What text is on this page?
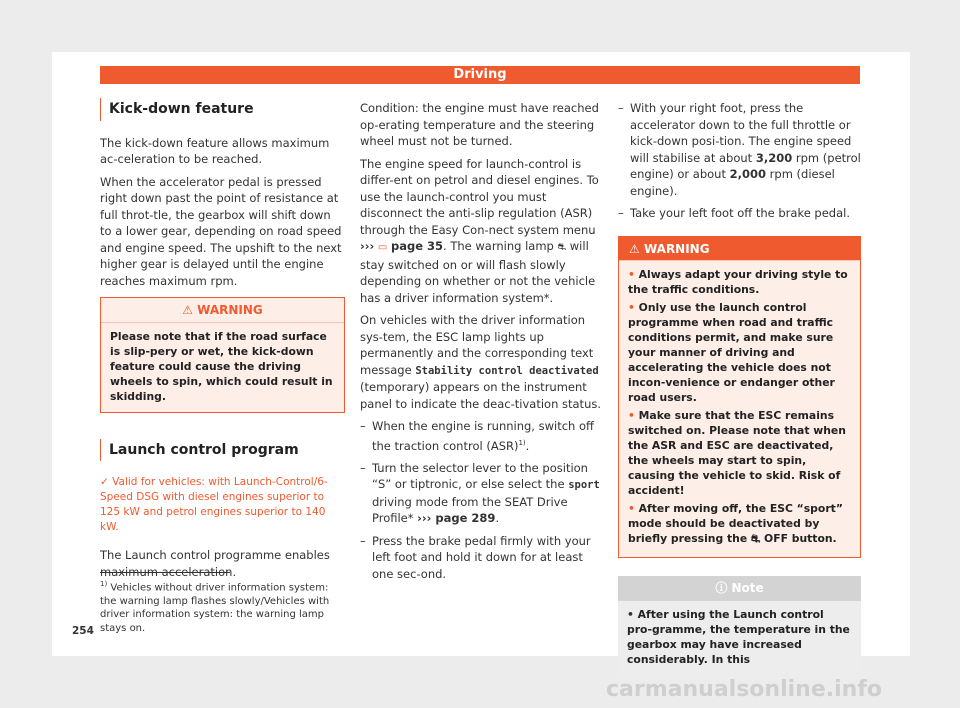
Driving
Kick-down feature

The kick-down feature allows maximum ac-celeration to be reached.

When the accelerator pedal is pressed right down past the point of resistance at full throt-tle, the gearbox will shift down to a lower gear, depending on road speed and engine speed. The upshift to the next higher gear is delayed until the engine reaches maximum rpm.

⚠ WARNING
Please note that if the road surface is slip-pery or wet, the kick-down feature could cause the driving wheels to spin, which could result in skidding.
Launch control program
✓ Valid for vehicles: with Launch-Control/6-Speed DSG with diesel engines superior to 125 kW and petrol engines superior to 140 kW.

The Launch control programme enables maximum acceleration.

Condition: the engine must have reached op-erating temperature and the steering wheel must not be turned.

The engine speed for launch-control is differ-ent on petrol and diesel engines. To use the launch-control you must disconnect the anti-slip regulation (ASR) through the Easy Con-nect system menu ››› ▭ page 35. The warning lamp ⛐ will stay switched on or will flash slowly depending on whether or not the vehicle has a driver information system*.

On vehicles with the driver information sys-tem, the ESC lamp lights up permanently and the corresponding text message Stability control deactivated (temporary) appears on the instrument panel to indicate the deac-tivation status.

– When the engine is running, switch off the traction control (ASR)$^{1)}$.
– Turn the selector lever to the position “S” or tiptronic, or else select the sport driving mode from the SEAT Drive Profile* ››› page 289.
– Press the brake pedal firmly with your left foot and hold it down for at least one sec-ond.
– With your right foot, press the accelerator down to the full throttle or kick-down posi-tion. The engine speed will stabilise at about 3,200 rpm (petrol engine) or about 2,000 rpm (diesel engine).
– Take your left foot off the brake pedal.
⚠ WARNING
• Always adapt your driving style to the traffic conditions.
• Only use the launch control programme when road and traffic conditions permit, and make sure your manner of driving and accelerating the vehicle does not incon-venience or endanger other road users.
• Make sure that the ESC remains switched on. Please note that when the ASR and ESC are deactivated, the wheels may start to spin, causing the vehicle to skid. Risk of accident!
• After moving off, the ESC “sport” mode should be deactivated by briefly pressing the ⛐ OFF button.
ⓘ Note
• After using the Launch control pro-gramme, the temperature in the gearbox may have increased considerably. In this
$^{1)}$ Vehicles without driver information system: the warning lamp flashes slowly/Vehicles with driver information system: the warning lamp stays on.
254
carmanualsonline.info
